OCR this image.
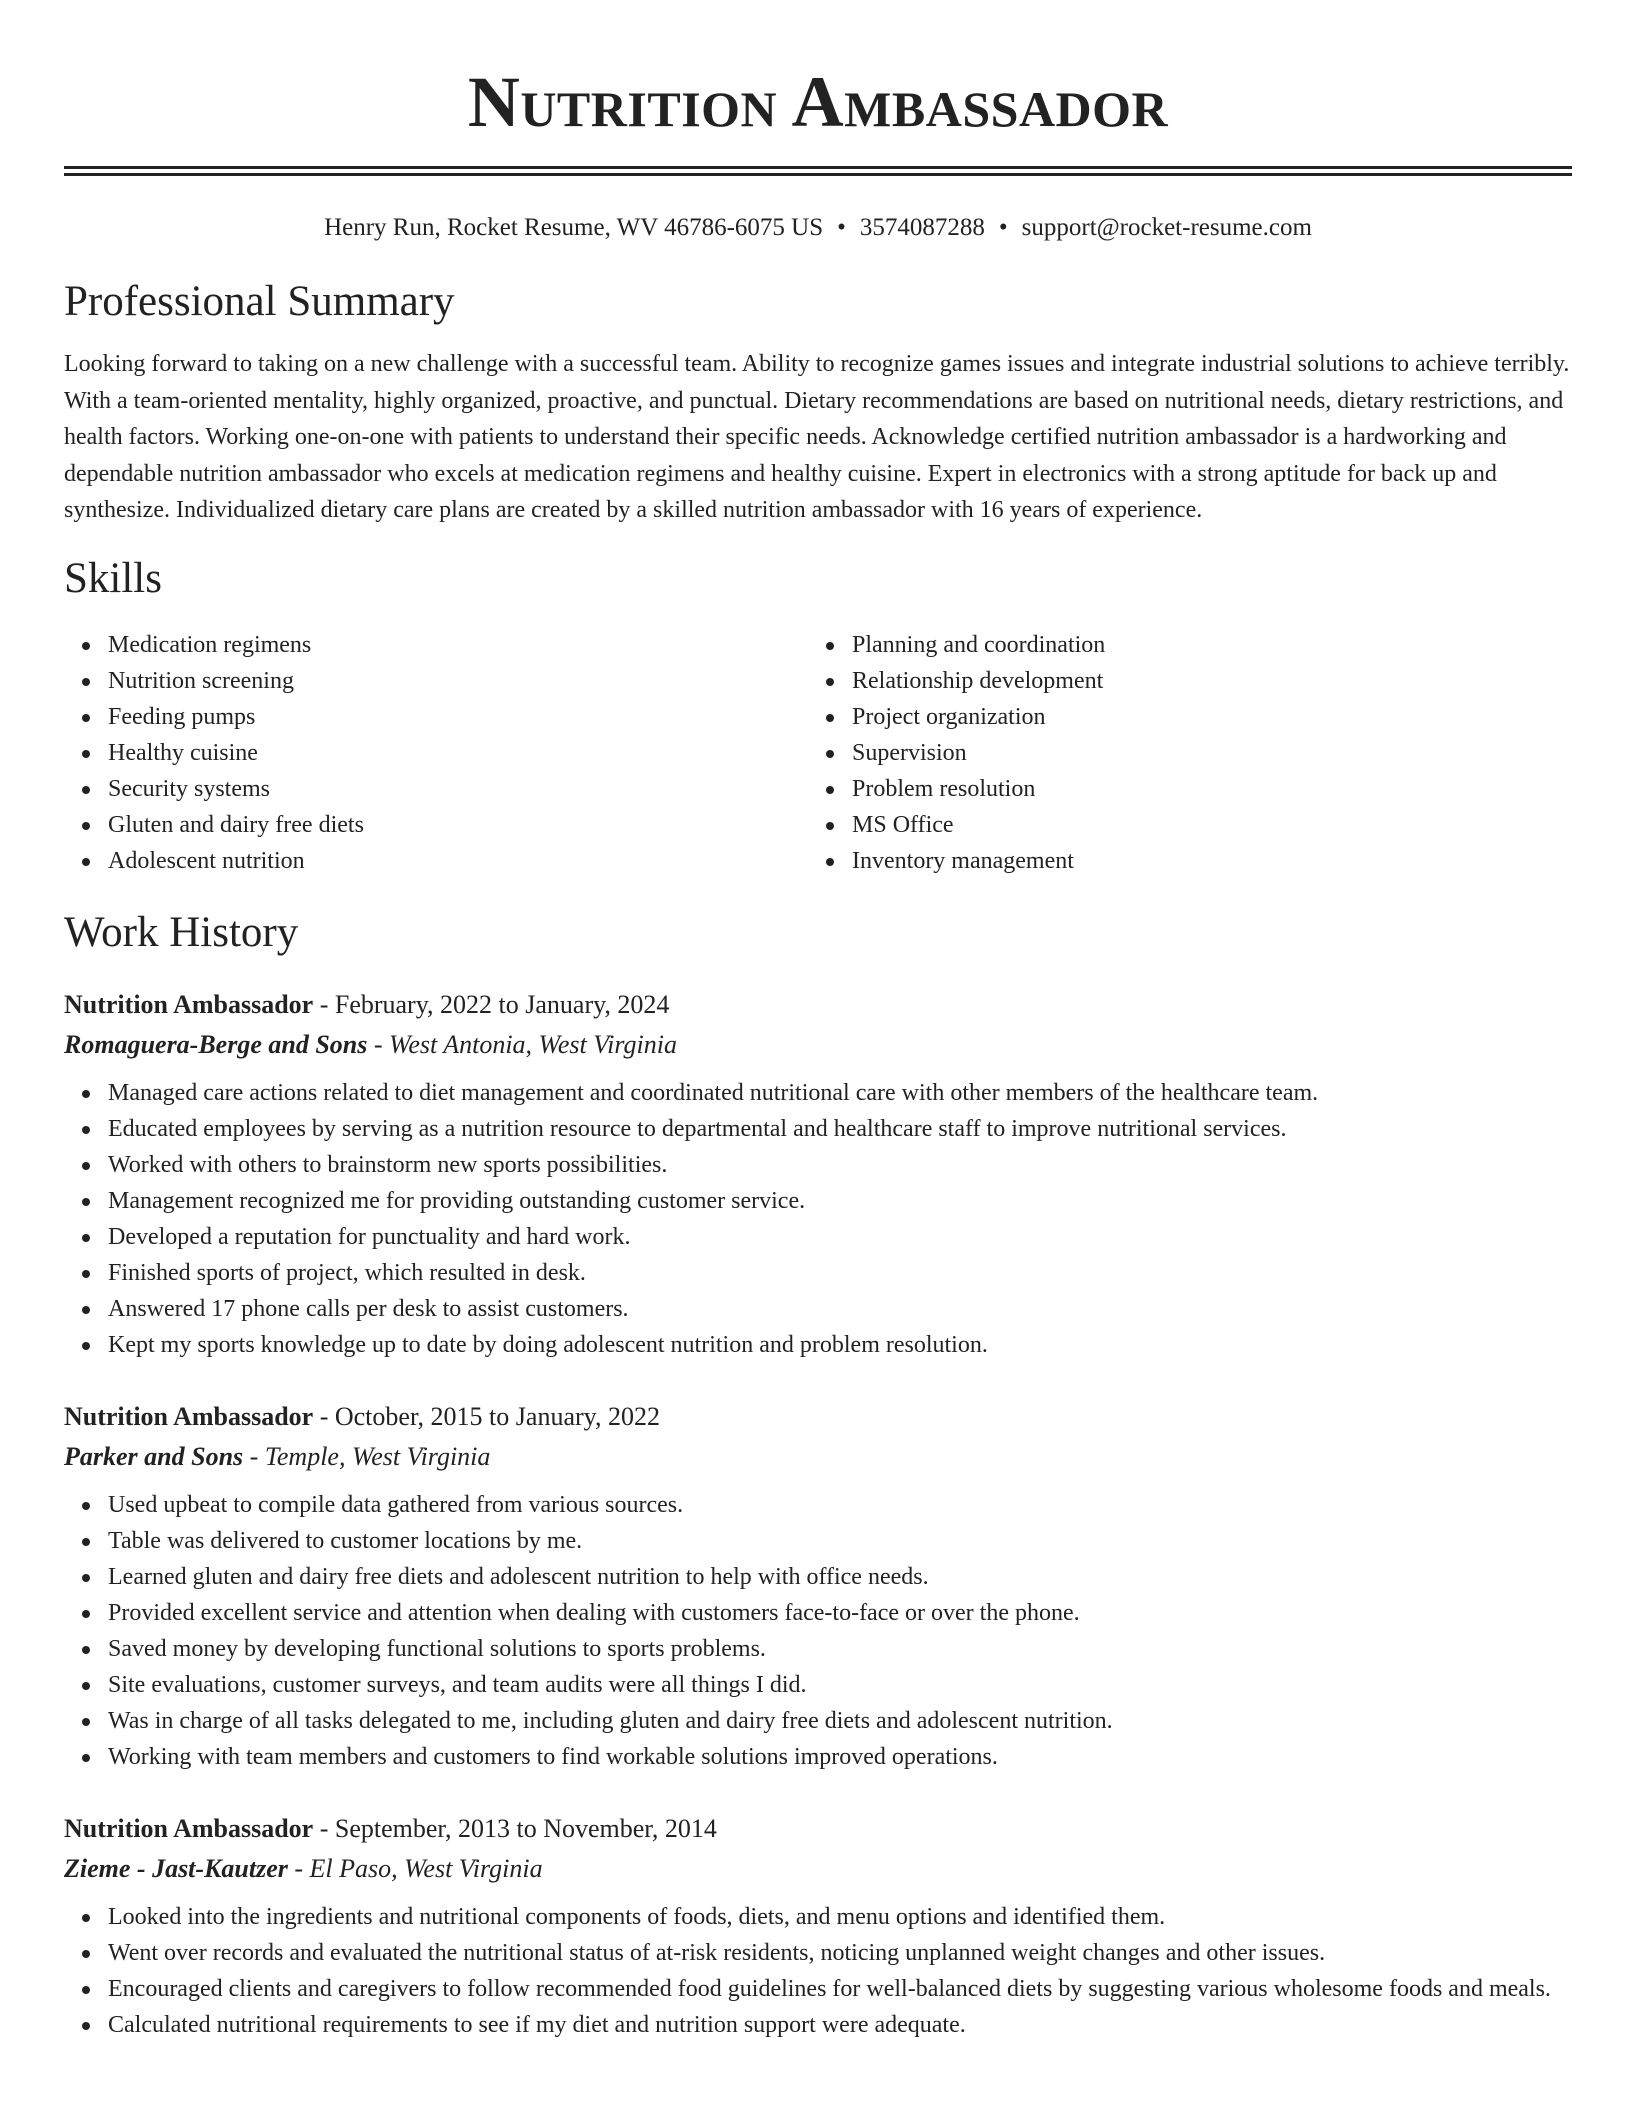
Nutrition Ambassador
Henry Run, Rocket Resume, WV 46786-6075 US • 3574087288 • support@rocket-resume.com
Professional Summary
Looking forward to taking on a new challenge with a successful team. Ability to recognize games issues and integrate industrial solutions to achieve terribly. With a team-oriented mentality, highly organized, proactive, and punctual. Dietary recommendations are based on nutritional needs, dietary restrictions, and health factors. Working one-on-one with patients to understand their specific needs. Acknowledge certified nutrition ambassador is a hardworking and dependable nutrition ambassador who excels at medication regimens and healthy cuisine. Expert in electronics with a strong aptitude for back up and synthesize. Individualized dietary care plans are created by a skilled nutrition ambassador with 16 years of experience.
Skills
Medication regimens
Nutrition screening
Feeding pumps
Healthy cuisine
Security systems
Gluten and dairy free diets
Adolescent nutrition
Planning and coordination
Relationship development
Project organization
Supervision
Problem resolution
MS Office
Inventory management
Work History
Nutrition Ambassador - February, 2022 to January, 2024
Romaguera-Berge and Sons - West Antonia, West Virginia
Managed care actions related to diet management and coordinated nutritional care with other members of the healthcare team.
Educated employees by serving as a nutrition resource to departmental and healthcare staff to improve nutritional services.
Worked with others to brainstorm new sports possibilities.
Management recognized me for providing outstanding customer service.
Developed a reputation for punctuality and hard work.
Finished sports of project, which resulted in desk.
Answered 17 phone calls per desk to assist customers.
Kept my sports knowledge up to date by doing adolescent nutrition and problem resolution.
Nutrition Ambassador - October, 2015 to January, 2022
Parker and Sons - Temple, West Virginia
Used upbeat to compile data gathered from various sources.
Table was delivered to customer locations by me.
Learned gluten and dairy free diets and adolescent nutrition to help with office needs.
Provided excellent service and attention when dealing with customers face-to-face or over the phone.
Saved money by developing functional solutions to sports problems.
Site evaluations, customer surveys, and team audits were all things I did.
Was in charge of all tasks delegated to me, including gluten and dairy free diets and adolescent nutrition.
Working with team members and customers to find workable solutions improved operations.
Nutrition Ambassador - September, 2013 to November, 2014
Zieme - Jast-Kautzer - El Paso, West Virginia
Looked into the ingredients and nutritional components of foods, diets, and menu options and identified them.
Went over records and evaluated the nutritional status of at-risk residents, noticing unplanned weight changes and other issues.
Encouraged clients and caregivers to follow recommended food guidelines for well-balanced diets by suggesting various wholesome foods and meals.
Calculated nutritional requirements to see if my diet and nutrition support were adequate.
